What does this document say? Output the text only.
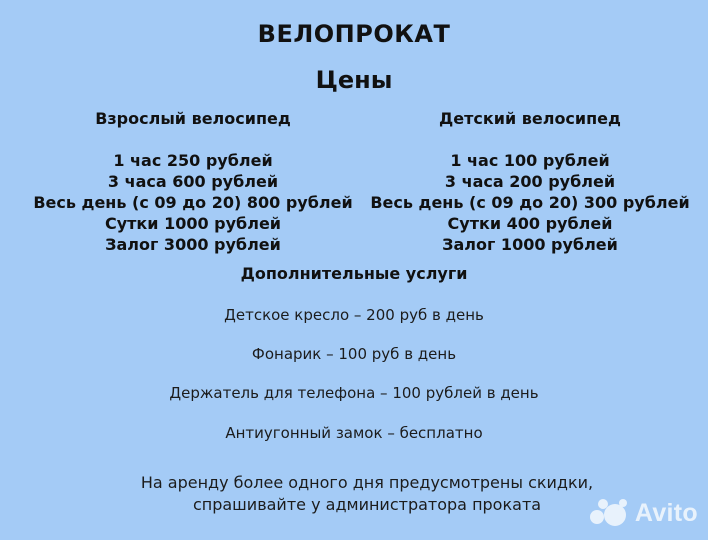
ВЕЛОПРОКАТ
Цены
Взрослый велосипед
1 час 250 рублей
3 часа 600 рублей
Весь день (с 09 до 20) 800 рублей
Сутки 1000 рублей
Залог 3000 рублей
Детский велосипед
1 час 100 рублей
3 часа 200 рублей
Весь день (с 09 до 20) 300 рублей
Сутки 400 рублей
Залог 1000 рублей
Дополнительные услуги
Детское кресло – 200 руб в день
Фонарик – 100 руб в день
Держатель для телефона – 100 рублей в день
Антиугонный замок – бесплатно
На аренду более одного дня предусмотрены скидки,
спрашивайте у администратора проката	Avito
